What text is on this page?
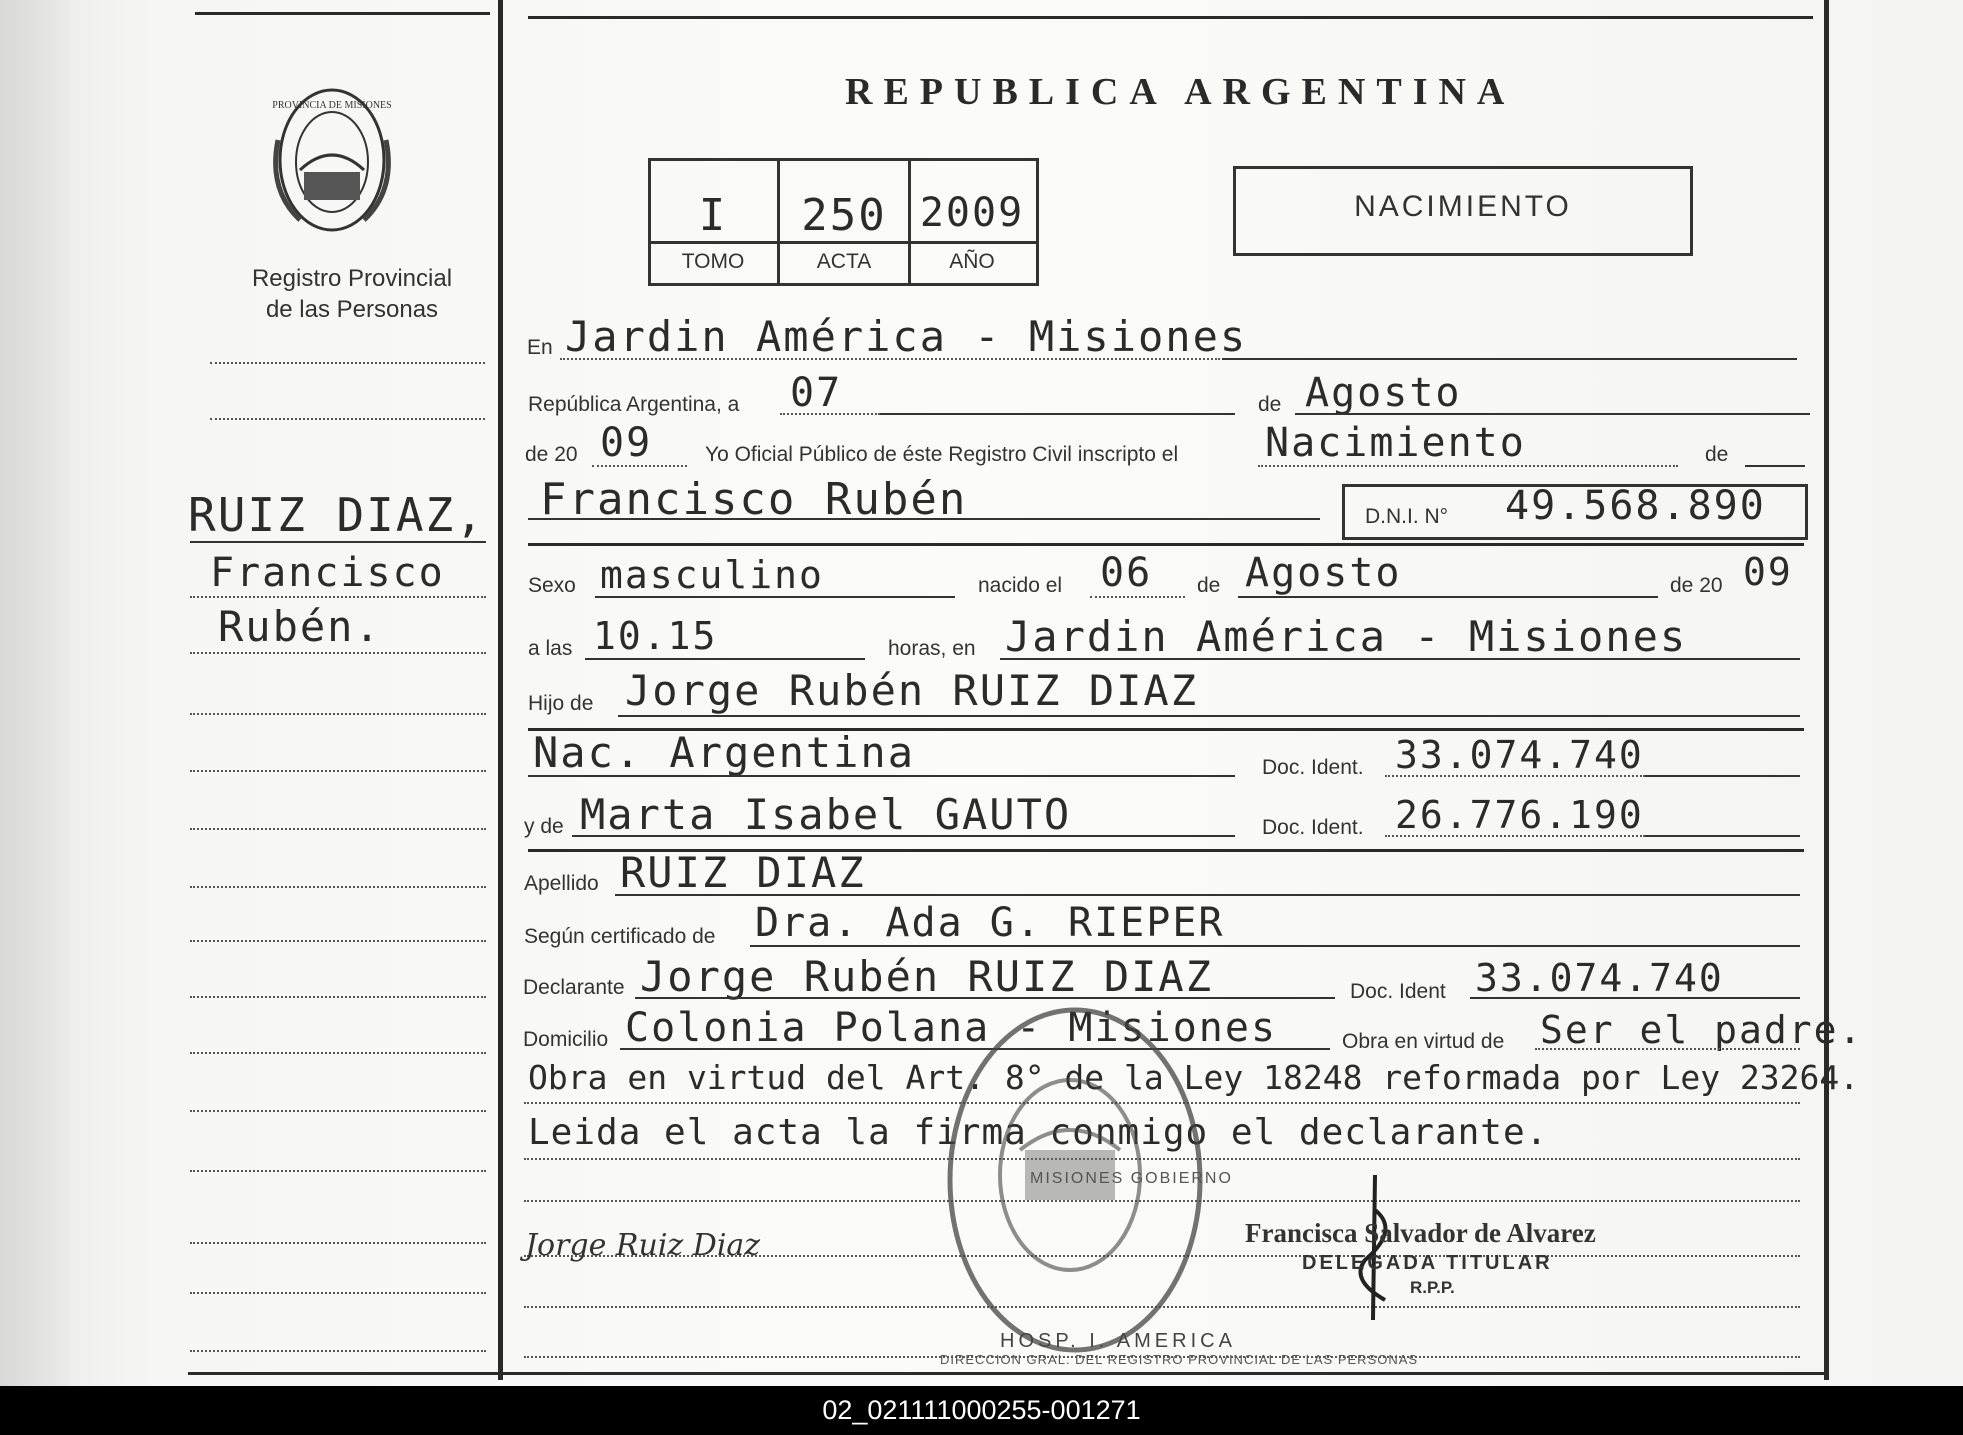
PROVINCIA DE MISIONES
Registro Provincial
de las Personas
REPUBLICA ARGENTINA
I	250 2009
TOMO	ACTA	AÑO
NACIMIENTO
RUIZ DIAZ,
Francisco
Rubén.
En Jardin América - Misiones
República Argentina, a 07	de Agosto
de 20 09	Yo Oficial Público de éste Registro Civil inscripto el Nacimiento	de
Francisco Rubén	D.N.I. N° 49.568.890
Sexo masculino	nacido el 06 de Agosto	de 20 09
a las 10.15	horas, en Jardin América - Misiones
Hijo de Jorge Rubén RUIZ DIAZ
Nac. Argentina	Doc. Ident. 33.074.740
y de Marta Isabel GAUTO	Doc. Ident. 26.776.190
Apellido RUIZ DIAZ
Según certificado de Dra. Ada G. RIEPER
Declarante Jorge Rubén RUIZ DIAZ	Doc. Ident 33.074.740
Domicilio Colonia Polana - Misiones	Obra en virtud de Ser el padre.
Obra en virtud del Art. 8° de la Ley 18248 reformada por Ley 23264.
Leida el acta la firma conmigo el declarante.
Jorge Ruiz Diaz
HOSP. I. AMERICA
MISIONES GOBIERNO
DIRECCION GRAL. DEL REGISTRO PROVINCIAL DE LAS PERSONAS
Francisca Salvador de Alvarez
DELEGADA TITULAR
R.P.P.
02_021111000255-001271
